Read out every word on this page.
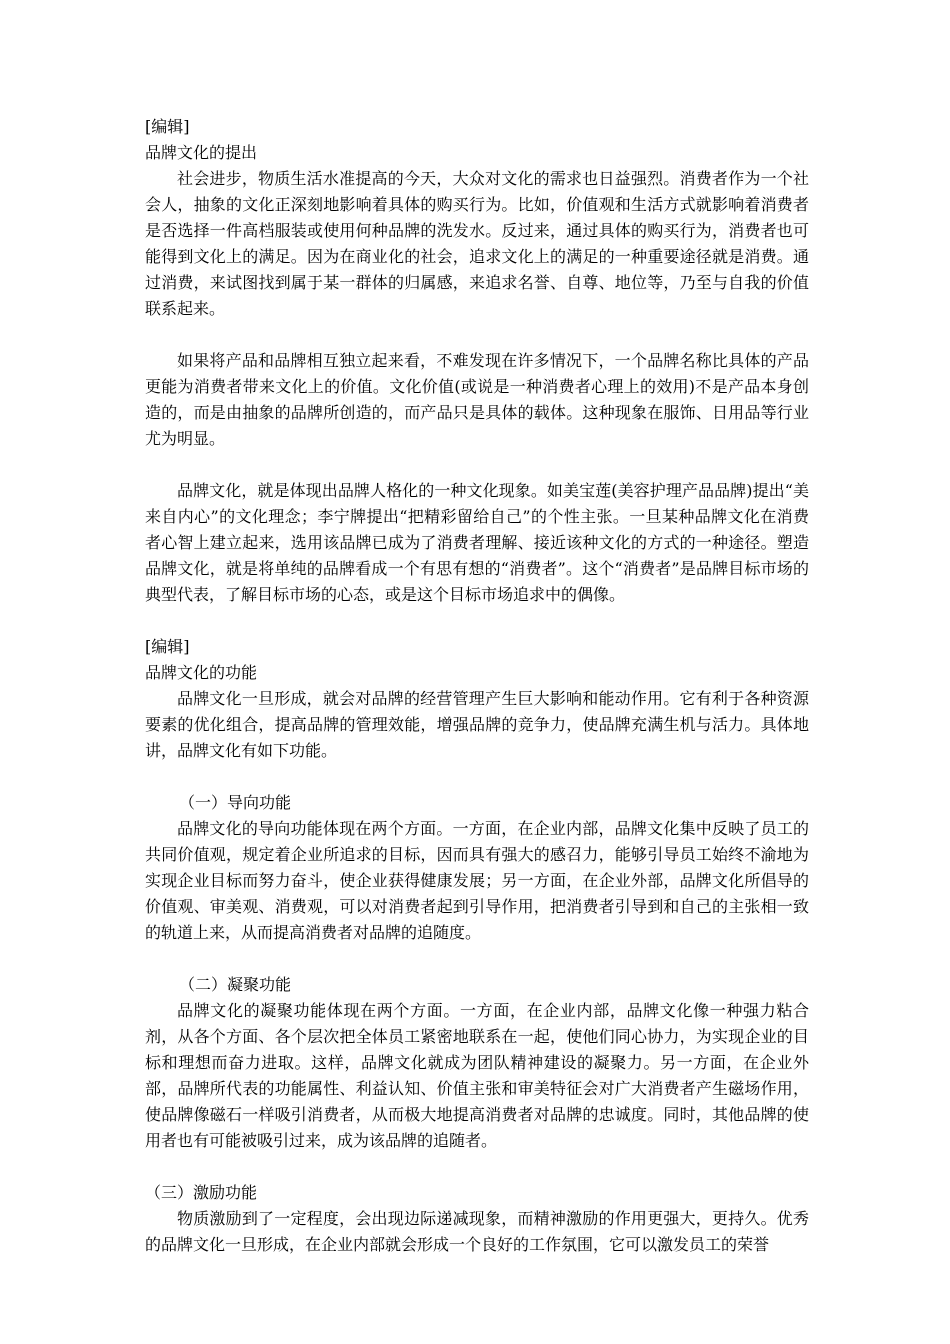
[编辑]

品牌文化的提出

社会进步，物质生活水准提高的今天，大众对文化的需求也日益强烈。消费者作为一个社会人，抽象的文化正深刻地影响着具体的购买行为。比如，价值观和生活方式就影响着消费者是否选择一件高档服装或使用何种品牌的洗发水。反过来，通过具体的购买行为，消费者也可能得到文化上的满足。因为在商业化的社会，追求文化上的满足的一种重要途径就是消费。通过消费，来试图找到属于某一群体的归属感，来追求名誉、自尊、地位等，乃至与自我的价值联系起来。

如果将产品和品牌相互独立起来看，不难发现在许多情况下，一个品牌名称比具体的产品更能为消费者带来文化上的价值。文化价值(或说是一种消费者心理上的效用)不是产品本身创造的，而是由抽象的品牌所创造的，而产品只是具体的载体。这种现象在服饰、日用品等行业尤为明显。

品牌文化，就是体现出品牌人格化的一种文化现象。如美宝莲(美容护理产品品牌)提出“美来自内心”的文化理念；李宁牌提出“把精彩留给自己”的个性主张。一旦某种品牌文化在消费者心智上建立起来，选用该品牌已成为了消费者理解、接近该种文化的方式的一种途径。塑造品牌文化，就是将单纯的品牌看成一个有思有想的“消费者”。这个“消费者”是品牌目标市场的典型代表，了解目标市场的心态，或是这个目标市场追求中的偶像。

[编辑]

品牌文化的功能

品牌文化一旦形成，就会对品牌的经营管理产生巨大影响和能动作用。它有利于各种资源要素的优化组合，提高品牌的管理效能，增强品牌的竞争力，使品牌充满生机与活力。具体地讲，品牌文化有如下功能。

（一）导向功能

品牌文化的导向功能体现在两个方面。一方面，在企业内部，品牌文化集中反映了员工的共同价值观，规定着企业所追求的目标，因而具有强大的感召力，能够引导员工始终不渝地为实现企业目标而努力奋斗，使企业获得健康发展；另一方面，在企业外部，品牌文化所倡导的价值观、审美观、消费观，可以对消费者起到引导作用，把消费者引导到和自己的主张相一致的轨道上来，从而提高消费者对品牌的追随度。

（二）凝聚功能

品牌文化的凝聚功能体现在两个方面。一方面，在企业内部，品牌文化像一种强力粘合剂，从各个方面、各个层次把全体员工紧密地联系在一起，使他们同心协力，为实现企业的目标和理想而奋力进取。这样，品牌文化就成为团队精神建设的凝聚力。另一方面，在企业外部，品牌所代表的功能属性、利益认知、价值主张和审美特征会对广大消费者产生磁场作用，使品牌像磁石一样吸引消费者，从而极大地提高消费者对品牌的忠诚度。同时，其他品牌的使用者也有可能被吸引过来，成为该品牌的追随者。

（三）激励功能

物质激励到了一定程度，会出现边际递减现象，而精神激励的作用更强大，更持久。优秀的品牌文化一旦形成，在企业内部就会形成一个良好的工作氛围，它可以激发员工的荣誉
